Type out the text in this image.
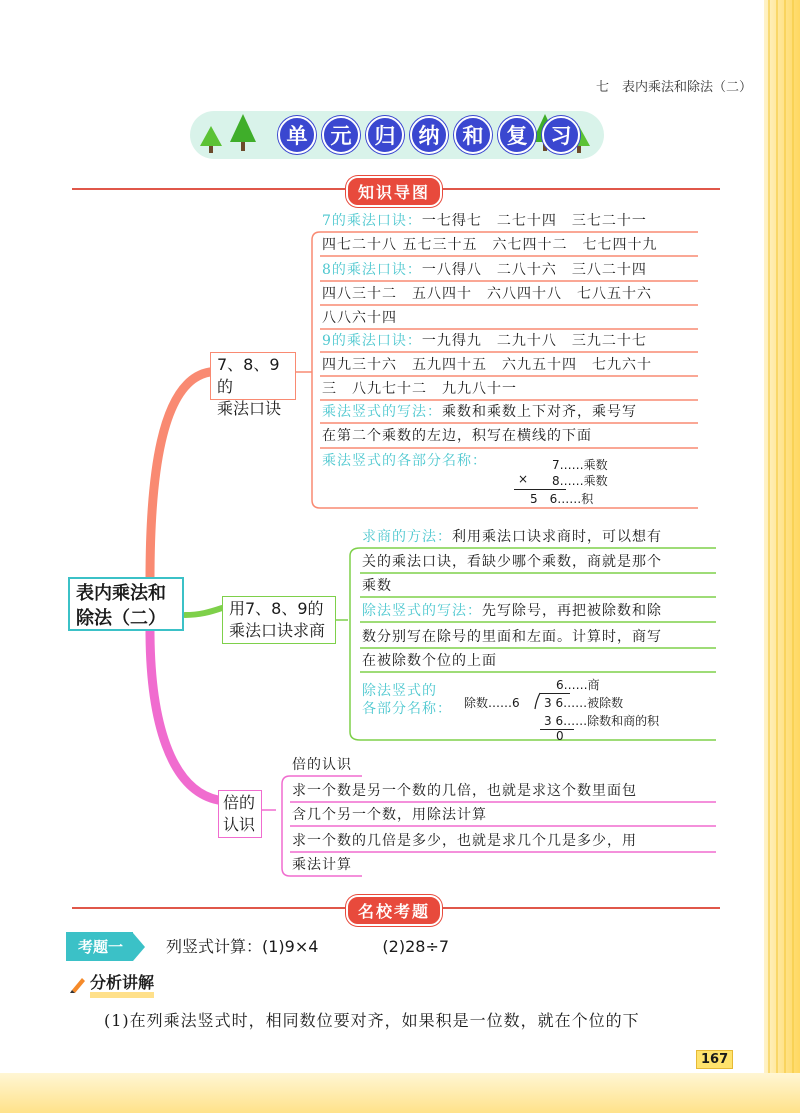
七　表内乘法和除法（二）
单	元	归	纳	和	复	习
知识导图
表内乘法和
除法（二）
7、8、9的
乘法口诀
7的乘法口诀：一七得七　二七十四　三七二十一
四七二十八 五七三十五　六七四十二　七七四十九
8的乘法口诀：一八得八　二八十六　三八二十四
四八三十二　五八四十　六八四十八　七八五十六
八八六十四
9的乘法口诀：一九得九　二九十八　三九二十七
四九三十六　五九四十五　六九五十四　七九六十
三　八九七十二　九九八十一
乘法竖式的写法：乘数和乘数上下对齐，乘号写
在第二个乘数的左边，积写在横线的下面
乘法竖式的各部分名称：	7……乘数
× 8……乘数
5　6……积
用7、8、9的
乘法口诀求商
求商的方法：利用乘法口诀求商时，可以想有
关的乘法口诀，看缺少哪个乘数，商就是那个
乘数
除法竖式的写法：先写除号，再把被除数和除
数分别写在除号的里面和左面。计算时，商写
在被除数个位的上面
除法竖式的
各部分名称：
6……商
除数……6 3 6……被除数
3 6……除数和商的积
0
倍的
认识
倍的认识
求一个数是另一个数的几倍，也就是求这个数里面包
含几个另一个数，用除法计算
求一个数的几倍是多少，也就是求几个几是多少，用
乘法计算
名校考题
考题一	列竖式计算：(1)9×4　　　　(2)28÷7
分析讲解
(1)在列乘法竖式时，相同数位要对齐，如果积是一位数，就在个位的下
167
